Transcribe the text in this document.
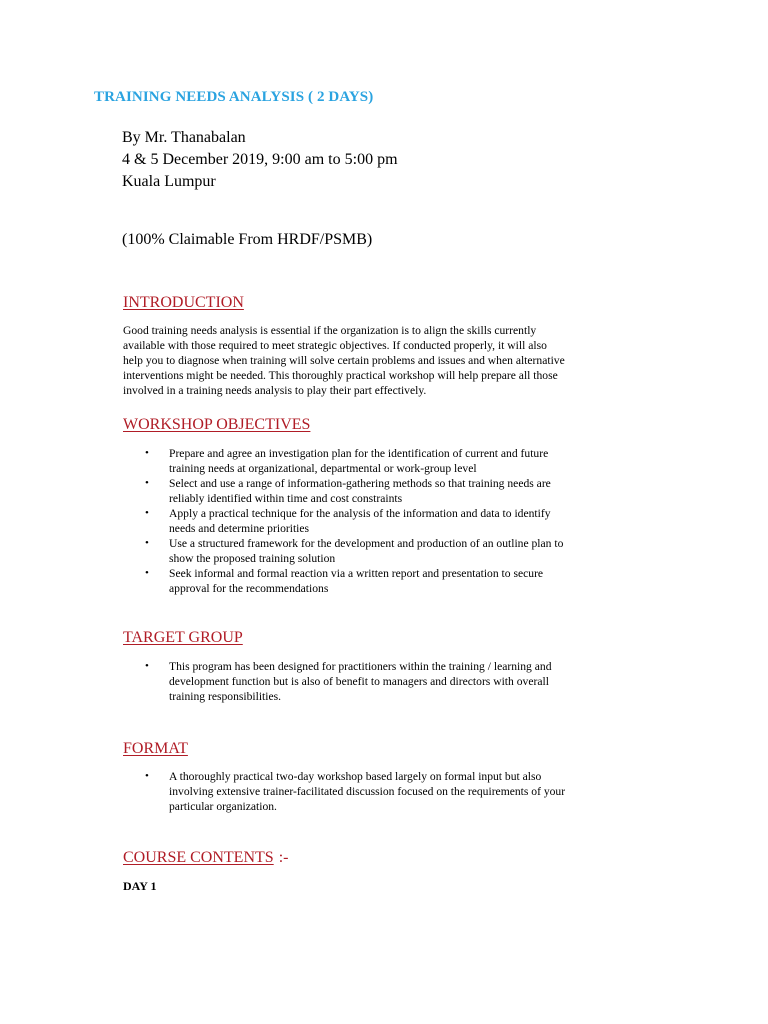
TRAINING NEEDS ANALYSIS ( 2 DAYS)
By Mr. Thanabalan
4 & 5 December 2019, 9:00 am to 5:00 pm
Kuala Lumpur
(100% Claimable From HRDF/PSMB)
INTRODUCTION
Good training needs analysis is essential if the organization is to align the skills currently
available with those required to meet strategic objectives. If conducted properly, it will also
help you to diagnose when training will solve certain problems and issues and when alternative
interventions might be needed. This thoroughly practical workshop will help prepare all those
involved in a training needs analysis to play their part effectively.
WORKSHOP OBJECTIVES
• Prepare and agree an investigation plan for the identification of current and future
training needs at organizational, departmental or work-group level
• Select and use a range of information-gathering methods so that training needs are
reliably identified within time and cost constraints
• Apply a practical technique for the analysis of the information and data to identify
needs and determine priorities
• Use a structured framework for the development and production of an outline plan to
show the proposed training solution
• Seek informal and formal reaction via a written report and presentation to secure
approval for the recommendations
TARGET GROUP
• This program has been designed for practitioners within the training / learning and
development function but is also of benefit to managers and directors with overall
training responsibilities.
FORMAT
• A thoroughly practical two-day workshop based largely on formal input but also
involving extensive trainer-facilitated discussion focused on the requirements of your
particular organization.
COURSE CONTENTS :-
DAY 1
